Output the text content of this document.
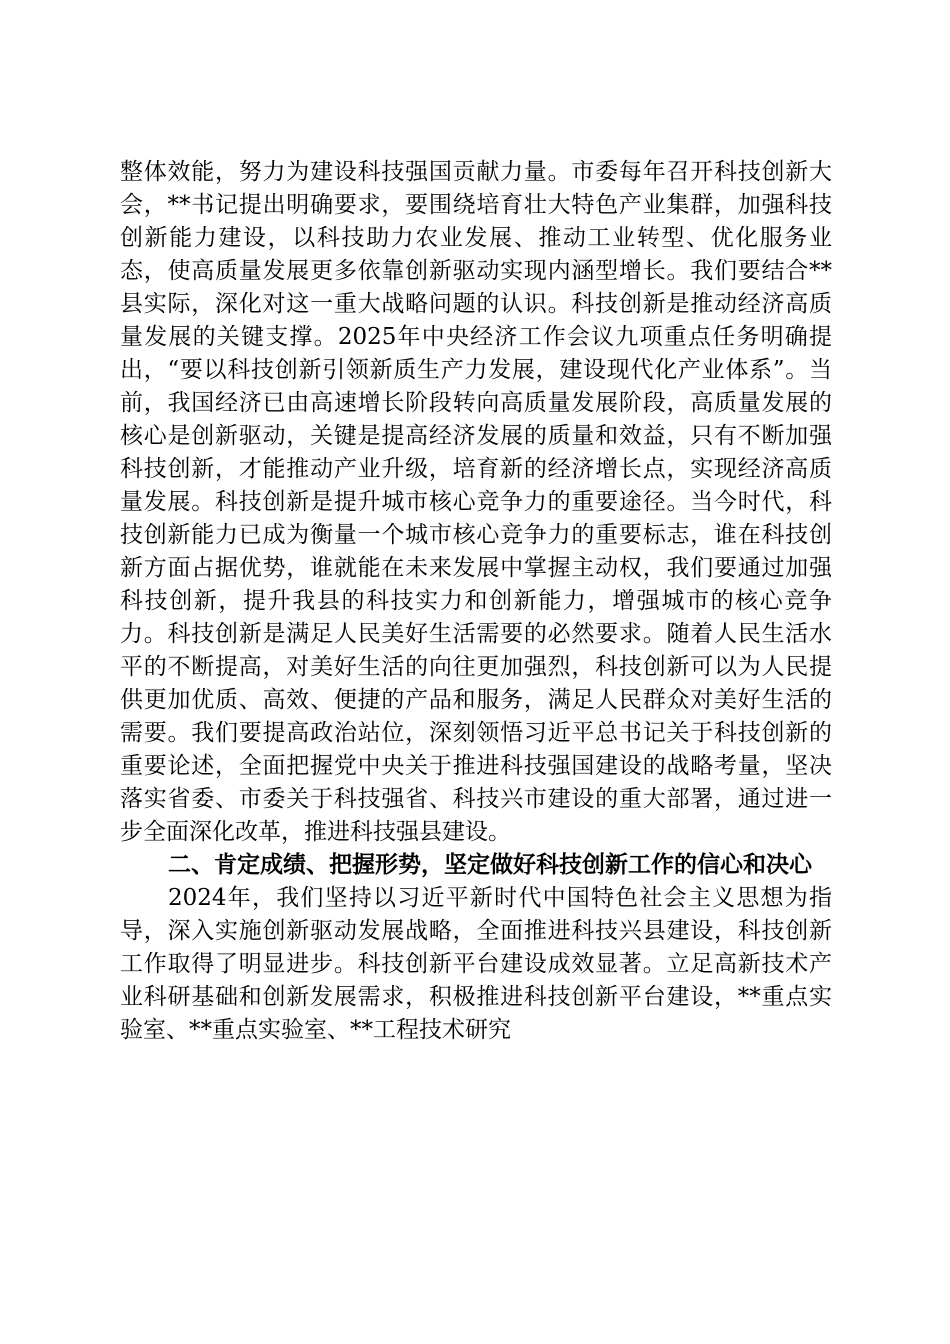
整体效能，努力为建设科技强国贡献力量。市委每年召开科技创新大会，**书记提出明确要求，要围绕培育壮大特色产业集群，加强科技创新能力建设，以科技助力农业发展、推动工业转型、优化服务业态，使高质量发展更多依靠创新驱动实现内涵型增长。我们要结合**县实际，深化对这一重大战略问题的认识。科技创新是推动经济高质量发展的关键支撑。2025年中央经济工作会议九项重点任务明确提出，“要以科技创新引领新质生产力发展，建设现代化产业体系”。当前，我国经济已由高速增长阶段转向高质量发展阶段，高质量发展的核心是创新驱动，关键是提高经济发展的质量和效益，只有不断加强科技创新，才能推动产业升级，培育新的经济增长点，实现经济高质量发展。科技创新是提升城市核心竞争力的重要途径。当今时代，科技创新能力已成为衡量一个城市核心竞争力的重要标志，谁在科技创新方面占据优势，谁就能在未来发展中掌握主动权，我们要通过加强科技创新，提升我县的科技实力和创新能力，增强城市的核心竞争力。科技创新是满足人民美好生活需要的必然要求。随着人民生活水平的不断提高，对美好生活的向往更加强烈，科技创新可以为人民提供更加优质、高效、便捷的产品和服务，满足人民群众对美好生活的需要。我们要提高政治站位，深刻领悟习近平总书记关于科技创新的重要论述，全面把握党中央关于推进科技强国建设的战略考量，坚决落实省委、市委关于科技强省、科技兴市建设的重大部署，通过进一步全面深化改革，推进科技强县建设。

二、肯定成绩、把握形势，坚定做好科技创新工作的信心和决心

2024年，我们坚持以习近平新时代中国特色社会主义思想为指导，深入实施创新驱动发展战略，全面推进科技兴县建设，科技创新工作取得了明显进步。科技创新平台建设成效显著。立足高新技术产业科研基础和创新发展需求，积极推进科技创新平台建设，**重点实验室、**重点实验室、**工程技术研究
